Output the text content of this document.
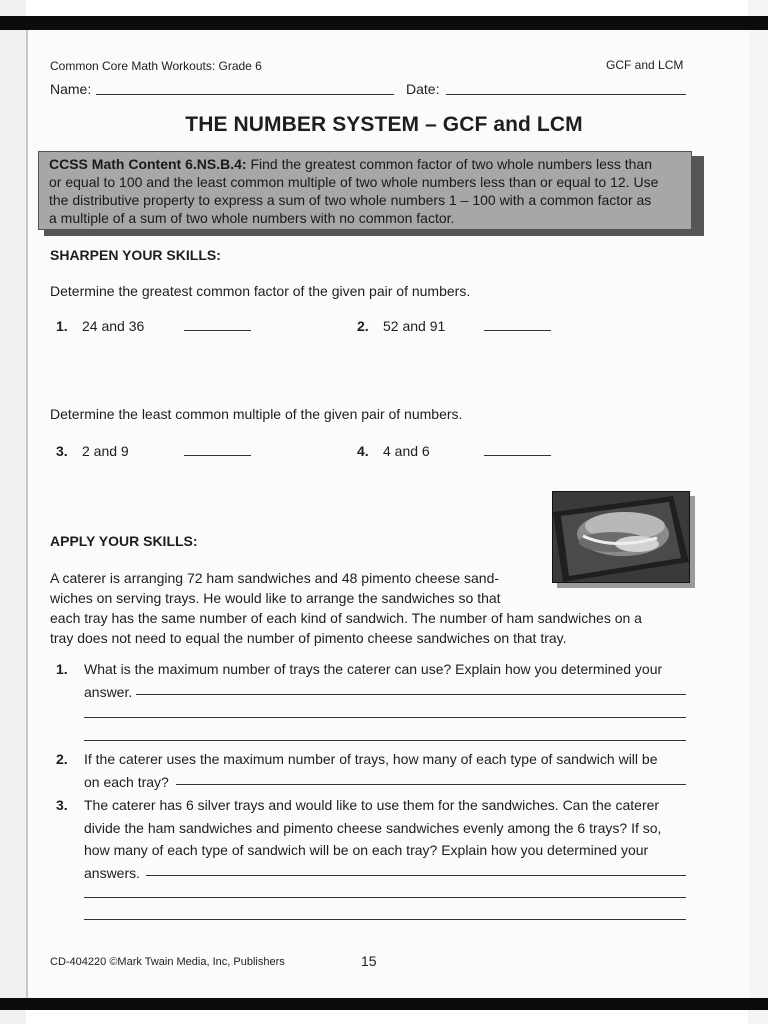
Common Core Math Workouts: Grade 6	GCF and LCM
Name:	Date:
THE NUMBER SYSTEM – GCF and LCM
CCSS Math Content 6.NS.B.4: Find the greatest common factor of two whole numbers less than
or equal to 100 and the least common multiple of two whole numbers less than or equal to 12. Use
the distributive property to express a sum of two whole numbers 1 – 100 with a common factor as
a multiple of a sum of two whole numbers with no common factor.
SHARPEN YOUR SKILLS:
Determine the greatest common factor of the given pair of numbers.
1. 24 and 36	2. 52 and 91
Determine the least common multiple of the given pair of numbers.
3. 2 and 9	4. 4 and 6
APPLY YOUR SKILLS:
A caterer is arranging 72 ham sandwiches and 48 pimento cheese sand-
wiches on serving trays. He would like to arrange the sandwiches so that
each tray has the same number of each kind of sandwich. The number of ham sandwiches on a
tray does not need to equal the number of pimento cheese sandwiches on that tray.
1. What is the maximum number of trays the caterer can use? Explain how you determined your
answer.
2. If the caterer uses the maximum number of trays, how many of each type of sandwich will be
on each tray?
3. The caterer has 6 silver trays and would like to use them for the sandwiches. Can the caterer
divide the ham sandwiches and pimento cheese sandwiches evenly among the 6 trays? If so,
how many of each type of sandwich will be on each tray? Explain how you determined your
answers.
CD-404220 ©Mark Twain Media, Inc, Publishers	15
